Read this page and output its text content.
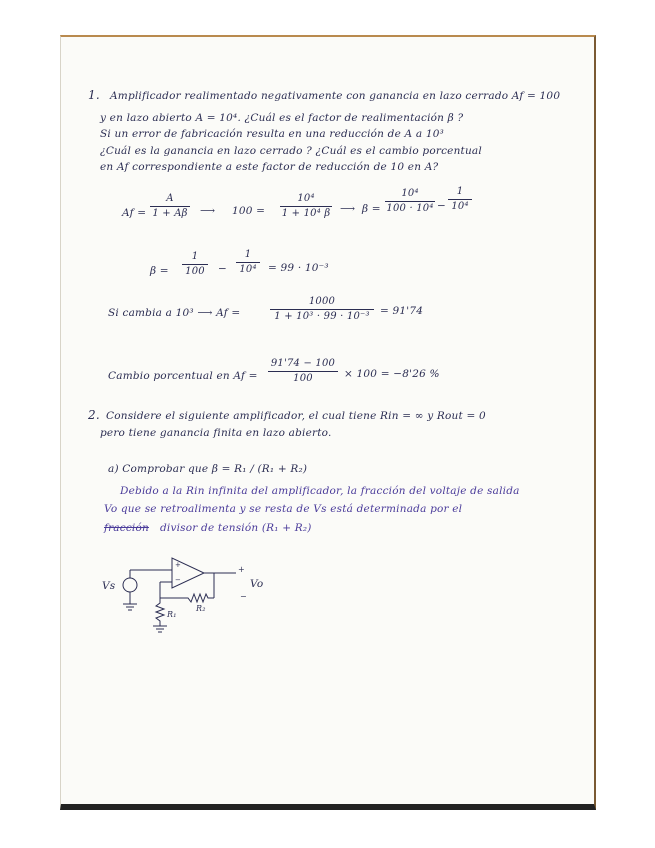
1. Amplificador realimentado negativamente con ganancia en lazo cerrado Af = 100
y en lazo abierto A = 10⁴. ¿Cuál es el factor de realimentación β ?
Si un error de fabricación resulta en una reducción de A a 10³
¿Cuál es la ganancia en lazo cerrado ? ¿Cuál es el cambio porcentual
en Af correspondiente a este factor de reducción de 10 en A?
Af =
A
1 + Aβ ⟶ 100 =
10⁴
1 + 10⁴ β ⟶ β =
10⁴
100 · 10⁴ −
1
10⁴
β =
1
100	−
1
10⁴	= 99 · 10⁻³
Si cambia a 10³ ⟶ Af =
1000
1 + 10³ · 99 · 10⁻³ = 91'74
Cambio porcentual en Af =
91'74 − 100
100	× 100 = −8'26 %
2. Considere el siguiente amplificador, el cual tiene Rin = ∞ y Rout = 0
pero tiene ganancia finita en lazo abierto.
a) Comprobar que β = R₁ / (R₁ + R₂)
Debido a la Rin infinita del amplificador, la fracción del voltaje de salida
Vo que se retroalimenta y se resta de Vs está determinada por el
fracción divisor de tensión (R₁ + R₂)
Vs	Vo
R₁
R₂
+
−
+
−
